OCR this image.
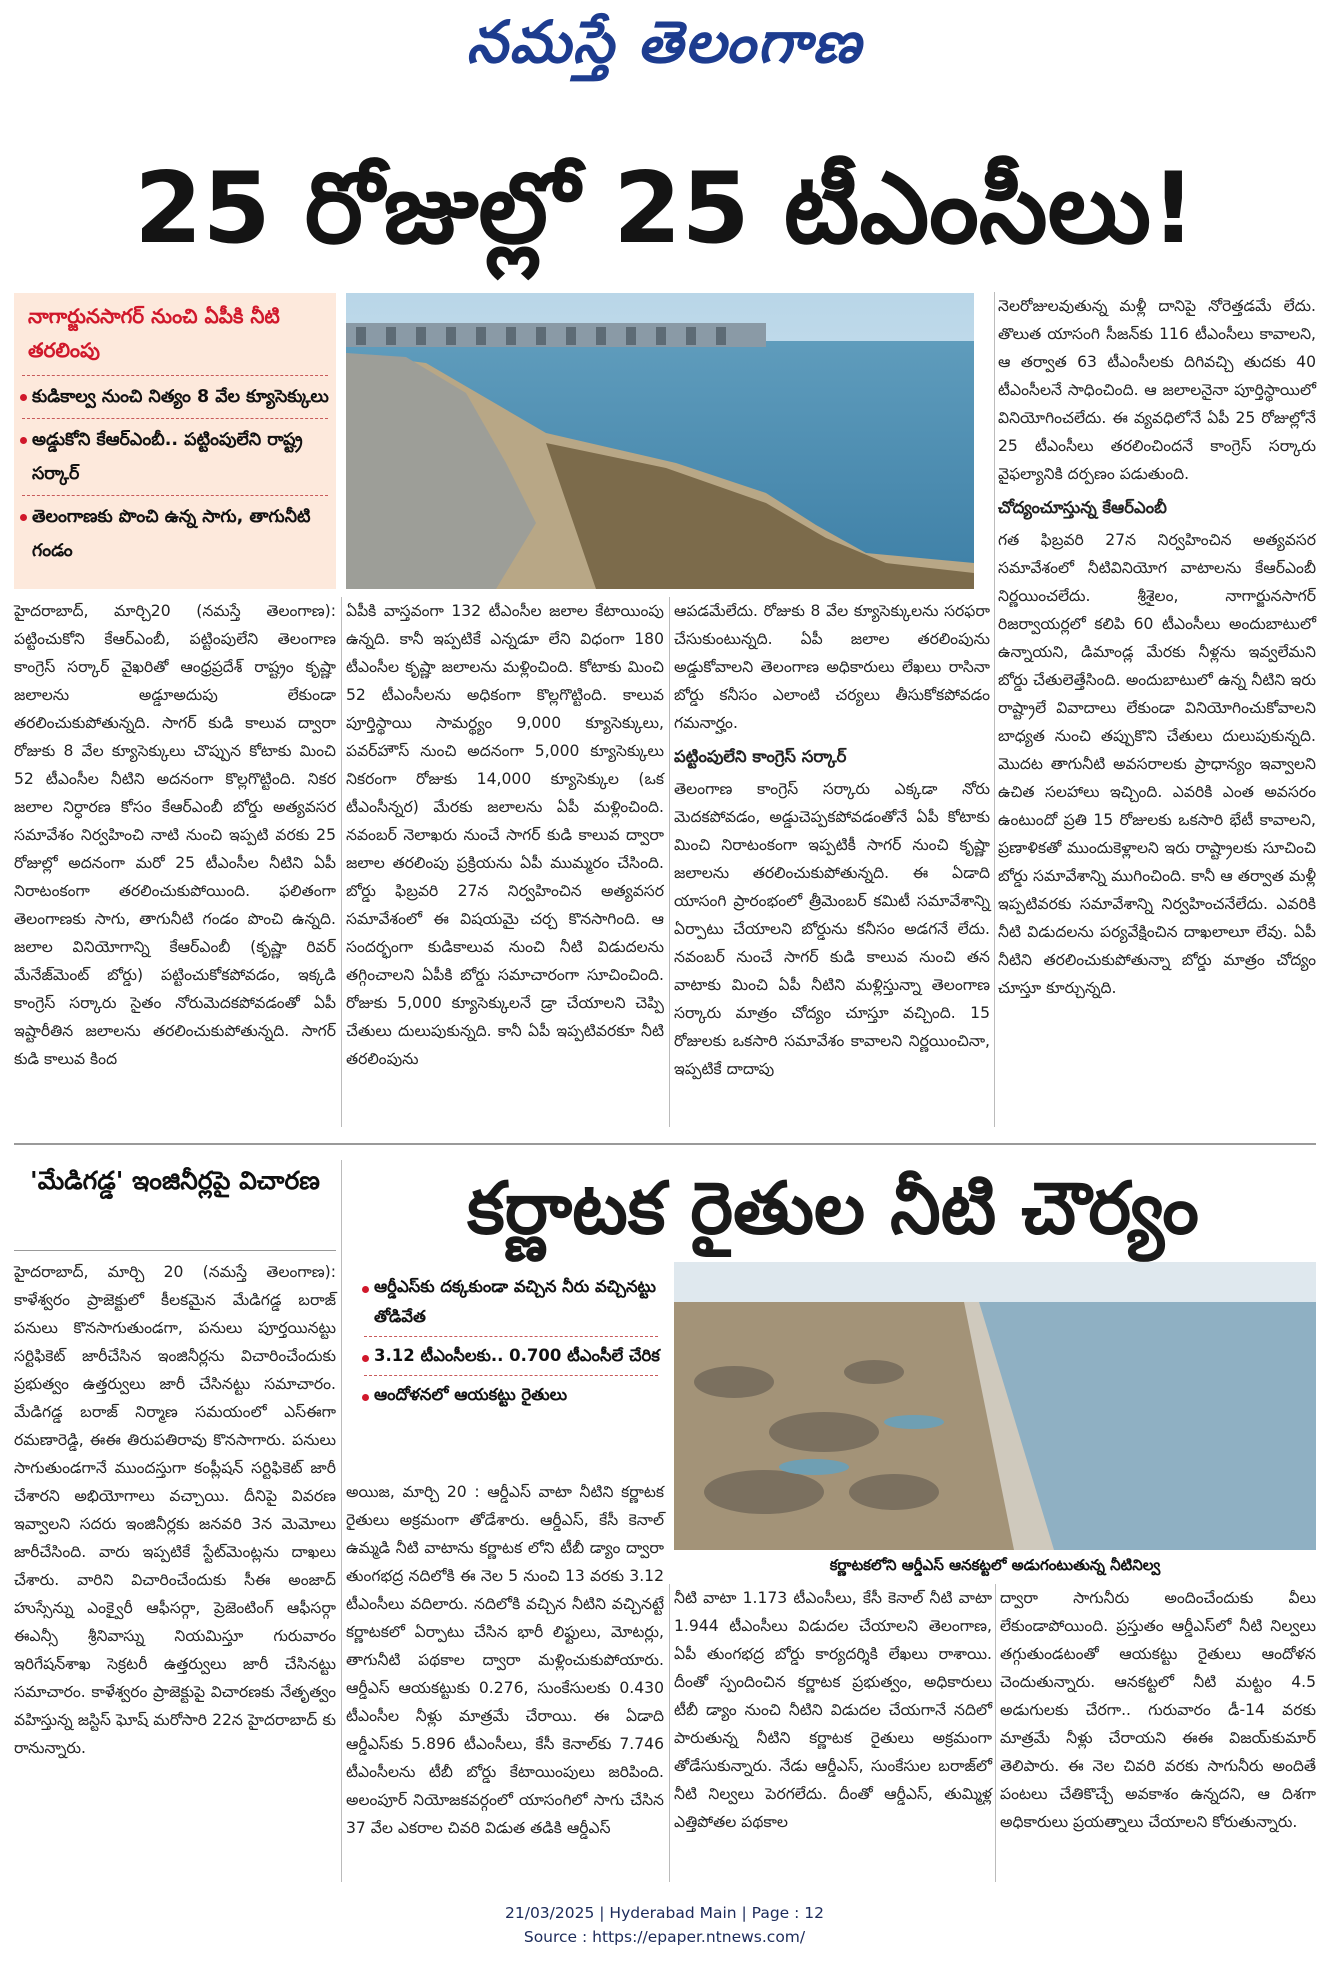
నమస్తే తెలంగాణ
25 రోజుల్లో 25 టీఎంసీలు!
నాగార్జునసాగర్ నుంచి ఏపీకి నీటి తరలింపు
కుడికాల్వ నుంచి నిత్యం 8 వేల క్యూసెక్కులు
అడ్డుకోని కేఆర్ఎంబీ.. పట్టింపులేని రాష్ట్ర సర్కార్
తెలంగాణకు పొంచి ఉన్న సాగు, తాగునీటి గండం

హైదరాబాద్, మార్చి20 (నమస్తే తెలంగాణ): పట్టించుకోని కేఆర్ఎంబీ, పట్టింపులేని తెలంగాణ కాంగ్రెస్ సర్కార్ వైఖరితో ఆంధ్రప్రదేశ్ రాష్ట్రం కృష్ణా జలాలను అడ్డూఅదుపు లేకుండా తరలించుకుపోతున్నది. సాగర్ కుడి కాలువ ద్వారా రోజుకు 8 వేల క్యూసెక్కులు చొప్పున కోటాకు మించి 52 టీఎంసీల నీటిని అదనంగా కొల్లగొట్టింది. నికర జలాల నిర్ధారణ కోసం కేఆర్ఎంబీ బోర్డు అత్యవసర సమావేశం నిర్వహించి నాటి నుంచి ఇప్పటి వరకు 25 రోజుల్లో అదనంగా మరో 25 టీఎంసీల నీటిని ఏపీ నిరాటంకంగా తరలించుకుపోయింది. ఫలితంగా తెలంగాణకు సాగు, తాగునీటి గండం పొంచి ఉన్నది. జలాల వినియోగాన్ని కేఆర్ఎంబీ (కృష్ణా రివర్ మేనేజ్‌మెంట్ బోర్డు) పట్టించుకోకపోవడం, ఇక్కడి కాంగ్రెస్ సర్కారు సైతం నోరుమెదకపోవడంతో ఏపీ ఇష్టారీతిన జలాలను తరలించుకుపోతున్నది. సాగర్ కుడి కాలువ కింద

ఏపీకి వాస్తవంగా 132 టీఎంసీల జలాల కేటాయింపు ఉన్నది. కానీ ఇప్పటికే ఎన్నడూ లేని విధంగా 180 టీఎంసీల కృష్ణా జలాలను మళ్లించింది. కోటాకు మించి 52 టీఎంసీలను అధికంగా కొల్లగొట్టింది. కాలువ పూర్తిస్థాయి సామర్థ్యం 9,000 క్యూసెక్కులు, పవర్‌హౌస్ నుంచి అదనంగా 5,000 క్యూసెక్కులు నికరంగా రోజుకు 14,000 క్యూసెక్కుల (ఒక టీఎంసీన్నర) మేరకు జలాలను ఏపీ మళ్లించింది. నవంబర్ నెలాఖరు నుంచే సాగర్ కుడి కాలువ ద్వారా జలాల తరలింపు ప్రక్రియను ఏపీ ముమ్మరం చేసింది. బోర్డు ఫిబ్రవరి 27న నిర్వహించిన అత్యవసర సమావేశంలో ఈ విషయమై చర్చ కొనసాగింది. ఆ సందర్భంగా కుడికాలువ నుంచి నీటి విడుదలను తగ్గించాలని ఏపీకి బోర్డు సమాచారంగా సూచించింది. రోజుకు 5,000 క్యూసెక్కులనే డ్రా చేయాలని చెప్పి చేతులు దులుపుకున్నది. కానీ ఏపీ ఇప్పటివరకూ నీటి తరలింపును

ఆపడమేలేదు. రోజుకు 8 వేల క్యూసెక్కులను సరఫరా చేసుకుంటున్నది. ఏపీ జలాల తరలింపును అడ్డుకోవాలని తెలంగాణ అధికారులు లేఖలు రాసినా బోర్డు కనీసం ఎలాంటి చర్యలు తీసుకోకపోవడం గమనార్హం.

పట్టింపులేని కాంగ్రెస్ సర్కార్

తెలంగాణ కాంగ్రెస్ సర్కారు ఎక్కడా నోరు మెదకపోవడం, అడ్డుచెప్పకపోవడంతోనే ఏపీ కోటాకు మించి నిరాటంకంగా ఇప్పటికీ సాగర్ నుంచి కృష్ణా జలాలను తరలించుకుపోతున్నది. ఈ ఏడాది యాసంగి ప్రారంభంలో త్రీమెంబర్ కమిటీ సమావేశాన్ని ఏర్పాటు చేయాలని బోర్డును కనీసం అడగనే లేదు. నవంబర్ నుంచే సాగర్ కుడి కాలువ నుంచి తన వాటాకు మించి ఏపీ నీటిని మళ్లిస్తున్నా తెలంగాణ సర్కారు మాత్రం చోద్యం చూస్తూ వచ్చింది. 15 రోజులకు ఒకసారి సమావేశం కావాలని నిర్ణయించినా, ఇప్పటికే దాదాపు

నెలరోజులవుతున్న మళ్లీ దానిపై నోరెత్తడమే లేదు. తొలుత యాసంగి సీజన్‌కు 116 టీఎంసీలు కావాలని, ఆ తర్వాత 63 టీఎంసీలకు దిగివచ్చి తుదకు 40 టీఎంసీలనే సాధించింది. ఆ జలాలనైనా పూర్తిస్థాయిలో వినియోగించలేదు. ఈ వ్యవధిలోనే ఏపీ 25 రోజుల్లోనే 25 టీఎంసీలు తరలించిందనే కాంగ్రెస్ సర్కారు వైఫల్యానికి దర్పణం పడుతుంది.

చోద్యంచూస్తున్న కేఆర్ఎంబీ

గత ఫిబ్రవరి 27న నిర్వహించిన అత్యవసర సమావేశంలో నీటివినియోగ వాటాలను కేఆర్ఎంబీ నిర్ణయించలేదు. శ్రీశైలం, నాగార్జునసాగర్ రిజర్వాయర్లలో కలిపి 60 టీఎంసీలు అందుబాటులో ఉన్నాయని, డిమాండ్ల మేరకు నీళ్లను ఇవ్వలేమని బోర్డు చేతులెత్తేసింది. అందుబాటులో ఉన్న నీటిని ఇరు రాష్ట్రాలే వివాదాలు లేకుండా వినియోగించుకోవాలని బాధ్యత నుంచి తప్పుకొని చేతులు దులుపుకున్నది. మొదట తాగునీటి అవసరాలకు ప్రాధాన్యం ఇవ్వాలని ఉచిత సలహాలు ఇచ్చింది. ఎవరికి ఎంత అవసరం ఉంటుందో ప్రతి 15 రోజులకు ఒకసారి భేటీ కావాలని, ప్రణాళికతో ముందుకెళ్లాలని ఇరు రాష్ట్రాలకు సూచించి బోర్డు సమావేశాన్ని ముగించింది. కానీ ఆ తర్వాత మళ్లీ ఇప్పటివరకు సమావేశాన్ని నిర్వహించనేలేదు. ఎవరికి నీటి విడుదలను పర్యవేక్షించిన దాఖలాలూ లేవు. ఏపీ నీటిని తరలించుకుపోతున్నా బోర్డు మాత్రం చోద్యం చూస్తూ కూర్చున్నది.

'మేడిగడ్డ' ఇంజినీర్లపై విచారణ

హైదరాబాద్, మార్చి 20 (నమస్తే తెలంగాణ): కాళేశ్వరం ప్రాజెక్టులో కీలకమైన మేడిగడ్డ బరాజ్ పనులు కొనసాగుతుండగా, పనులు పూర్తయినట్టు సర్టిఫికెట్ జారీచేసిన ఇంజినీర్లను విచారించేందుకు ప్రభుత్వం ఉత్తర్వులు జారీ చేసినట్టు సమాచారం. మేడిగడ్డ బరాజ్ నిర్మాణ సమయంలో ఎస్ఈగా రమణారెడ్డి, ఈఈ తిరుపతిరావు కొనసాగారు. పనులు సాగుతుండగానే ముందస్తుగా కంప్లీషన్ సర్టిఫికెట్ జారీ చేశారని అభియోగాలు వచ్చాయి. దీనిపై వివరణ ఇవ్వాలని సదరు ఇంజినీర్లకు జనవరి 3న మెమోలు జారీచేసింది. వారు ఇప్పటికే స్టేట్‌మెంట్లను దాఖలు చేశారు. వారిని విచారించేందుకు సీఈ అంజాద్ హుస్సేన్ను ఎంక్వైరీ ఆఫీసర్గా, ప్రెజెంటింగ్ ఆఫీసర్గా ఈఎన్సీ శ్రీనివాస్ను నియమిస్తూ గురువారం ఇరిగేషన్‌శాఖ సెక్రటరీ ఉత్తర్వులు జారీ చేసినట్టు సమాచారం. కాళేశ్వరం ప్రాజెక్టుపై విచారణకు నేతృత్వం వహిస్తున్న జస్టిస్ ఘోష్ మరోసారి 22న హైదరాబాద్ కు రానున్నారు.

కర్ణాటక రైతుల నీటి చౌర్యం
ఆర్డీఎస్‌కు దక్కకుండా వచ్చిన నీరు వచ్చినట్టు తోడివేత
3.12 టీఎంసీలకు.. 0.700 టీఎంసీలే చేరిక
ఆందోళనలో ఆయకట్టు రైతులు
కర్ణాటకలోని ఆర్డీఎస్ ఆనకట్టలో అడుగంటుతున్న నీటినిల్వ

అయిజ, మార్చి 20 : ఆర్డీఎస్ వాటా నీటిని కర్ణాటక రైతులు అక్రమంగా తోడేశారు. ఆర్డీఎస్, కేసీ కెనాల్ ఉమ్మడి నీటి వాటాను కర్ణాటక లోని టీబీ డ్యాం ద్వారా తుంగభద్ర నదిలోకి ఈ నెల 5 నుంచి 13 వరకు 3.12 టీఎంసీలు వదిలారు. నదిలోకి వచ్చిన నీటిని వచ్చినట్టే కర్ణాటకలో ఏర్పాటు చేసిన భారీ లిఫ్టులు, మోటర్లు, తాగునీటి పథకాల ద్వారా మళ్లించుకుపోయారు. ఆర్డీఎస్ ఆయకట్టుకు 0.276, సుంకేసులకు 0.430 టీఎంసీల నీళ్లు మాత్రమే చేరాయి. ఈ ఏడాది ఆర్డీఎస్‌కు 5.896 టీఎంసీలు, కేసీ కెనాల్‌కు 7.746 టీఎంసీలను టీబీ బోర్డు కేటాయింపులు జరిపింది. అలంపూర్ నియోజకవర్గంలో యాసంగిలో సాగు చేసిన 37 వేల ఎకరాల చివరి విడుత తడికి ఆర్డీఎస్

నీటి వాటా 1.173 టీఎంసీలు, కేసీ కెనాల్ నీటి వాటా 1.944 టీఎంసీలు విడుదల చేయాలని తెలంగాణ, ఏపీ తుంగభద్ర బోర్డు కార్యదర్శికి లేఖలు రాశాయి. దీంతో స్పందించిన కర్ణాటక ప్రభుత్వం, అధికారులు టీబీ డ్యాం నుంచి నీటిని విడుదల చేయగానే నదిలో పారుతున్న నీటిని కర్ణాటక రైతులు అక్రమంగా తోడేసుకున్నారు. నేడు ఆర్డీఎస్, సుంకేసుల బరాజ్‌లో నీటి నిల్వలు పెరగలేదు. దీంతో ఆర్డీఎస్, తుమ్మిళ్ల ఎత్తిపోతల పథకాల

ద్వారా సాగునీరు అందించేందుకు వీలు లేకుండాపోయింది. ప్రస్తుతం ఆర్డీఎస్‌లో నీటి నిల్వలు తగ్గుతుండటంతో ఆయకట్టు రైతులు ఆందోళన చెందుతున్నారు. ఆనకట్టలో నీటి మట్టం 4.5 అడుగులకు చేరగా.. గురువారం డీ-14 వరకు మాత్రమే నీళ్లు చేరాయని ఈఈ విజయ్‌కుమార్ తెలిపారు. ఈ నెల చివరి వరకు సాగునీరు అందితే పంటలు చేతికొచ్చే అవకాశం ఉన్నదని, ఆ దిశగా అధికారులు ప్రయత్నాలు చేయాలని కోరుతున్నారు.

21/03/2025 | Hyderabad Main | Page : 12
Source : https://epaper.ntnews.com/
